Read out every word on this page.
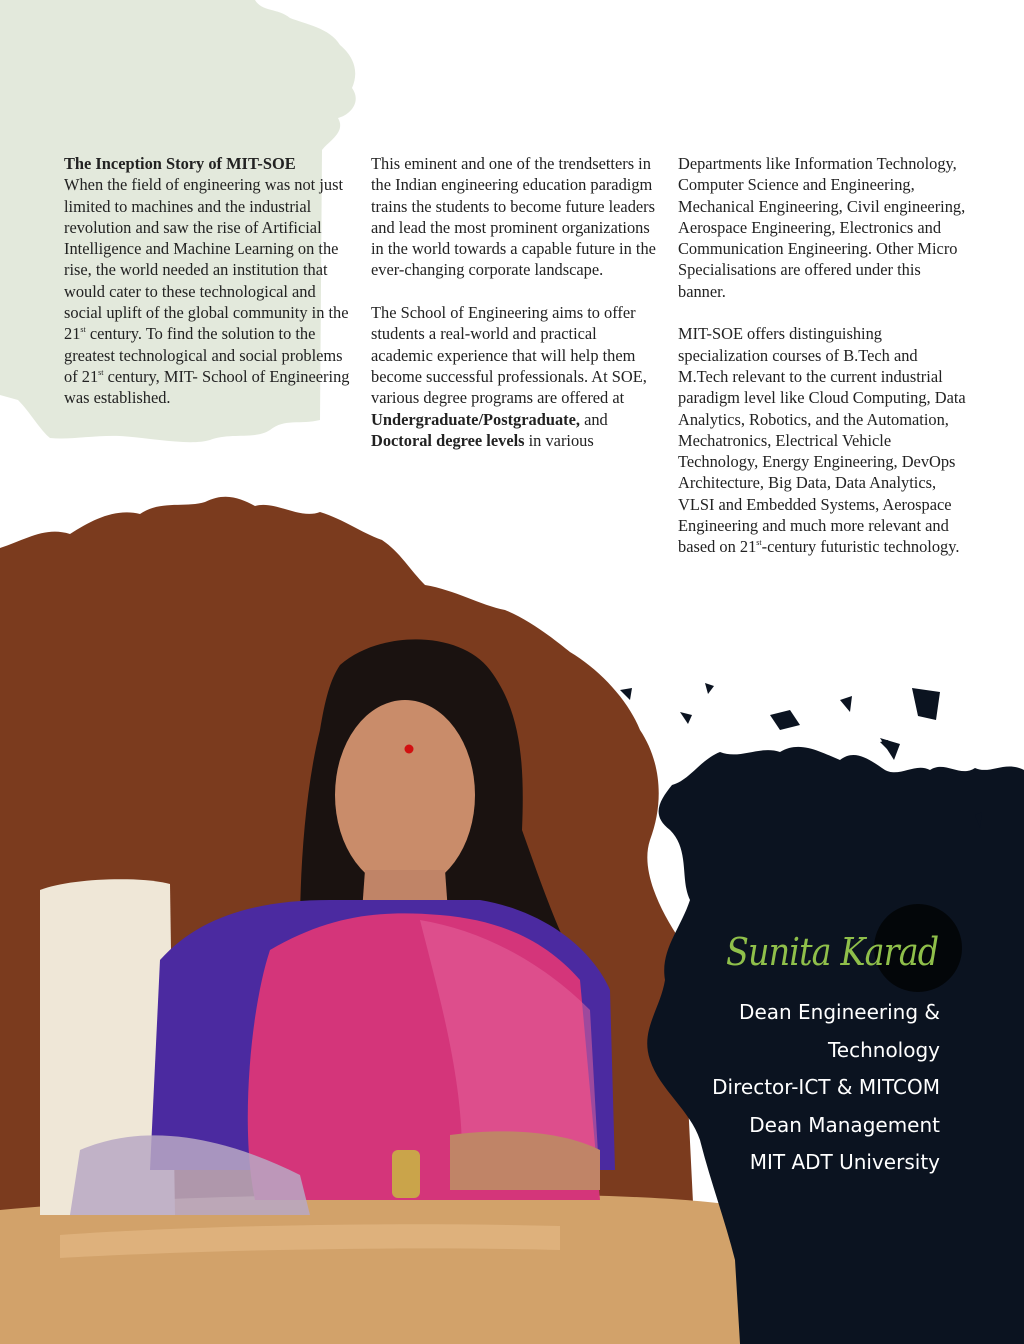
The Inception Story of MIT-SOE

When the field of engineering was not just limited to machines and the industrial revolution and saw the rise of Artificial Intelligence and Machine Learning on the rise, the world needed an institution that would cater to these technological and social uplift of the global community in the 21st century. To find the solution to the greatest technological and social problems of 21st century, MIT- School of Engineering was established.

This eminent and one of the trendsetters in the Indian engineering education paradigm trains the students to become future leaders and lead the most prominent organizations in the world towards a capable future in the ever-changing corporate landscape.

The School of Engineering aims to offer students a real-world and practical academic experience that will help them become successful professionals. At SOE, various degree programs are offered at Undergraduate/Postgraduate, and Doctoral degree levels in various

Departments like Information Technology, Computer Science and Engineering, Mechanical Engineering, Civil engineering, Aerospace Engineering, Electronics and Communication Engineering. Other Micro Specialisations are offered under this banner.

MIT-SOE offers distinguishing specialization courses of B.Tech and M.Tech relevant to the current industrial paradigm level like Cloud Computing, Data Analytics, Robotics, and the Automation, Mechatronics, Electrical Vehicle Technology, Energy Engineering, DevOps Architecture, Big Data, Data Analytics, VLSI and Embedded Systems, Aerospace Engineering and much more relevant and based on 21st-century futuristic technology.

Sunita Karad
Dean Engineering &
Technology
Director-ICT & MITCOM
Dean Management
MIT ADT University
